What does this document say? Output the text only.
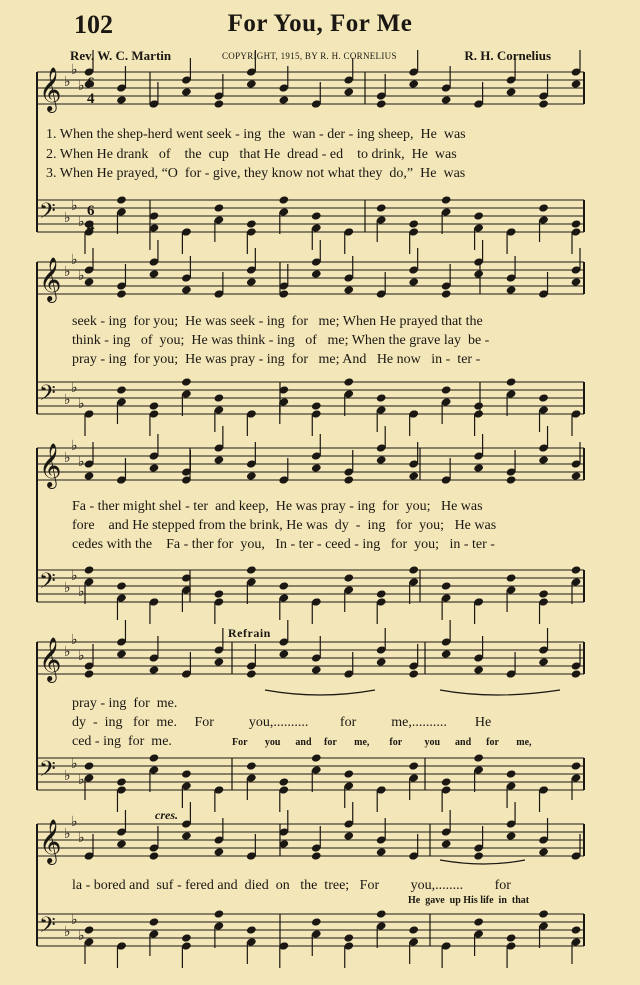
102	For You, For Me
Rev. W. C. Martin	COPYRIGHT, 1915, BY R. H. CORNELIUS	R. H. Cornelius
𝄞 ♭
♭
♭
𝄢 ♭
♭
♭
𝄞 ♭
♭
♭
𝄢 ♭
♭
♭
𝄞 ♭
♭
♭
𝄢 ♭
♭
♭
𝄞 ♭
♭
♭
𝄢 ♭
♭
♭
𝄞 ♭
♭
♭
𝄢 ♭
♭
♭
6
4
6
4
1. When the shep-herd went seek - ing  the  wan - der - ing sheep,  He  was
2. When He drank   of    the  cup   that He  dread - ed    to drink,  He  was
3. When He prayed, “O  for - give, they know not what they  do,”  He  was
seek - ing  for you;  He was seek - ing  for   me; When He prayed that the
think - ing   of  you;  He was think - ing   of   me; When the grave lay  be -
pray - ing  for you;  He was pray - ing  for   me; And   He now   in -  ter -
Fa - ther might shel - ter  and keep,  He was pray - ing  for  you;   He was
fore    and He stepped from the brink, He was  dy  -  ing   for  you;   He was
cedes with the    Fa - ther for  you,   In - ter - ceed - ing   for  you;   in - ter -
Refrain
pray - ing  for  me.
dy  -  ing   for  me.     For          you,..........         for          me,..........        He
ced - ing  for  me.	For       you      and     for       me,        for         you      and      for       me,
cres.
la - bored and  suf - fered and  died  on   the  tree;   For         you,........         for
He  gave  up His life  in  that
